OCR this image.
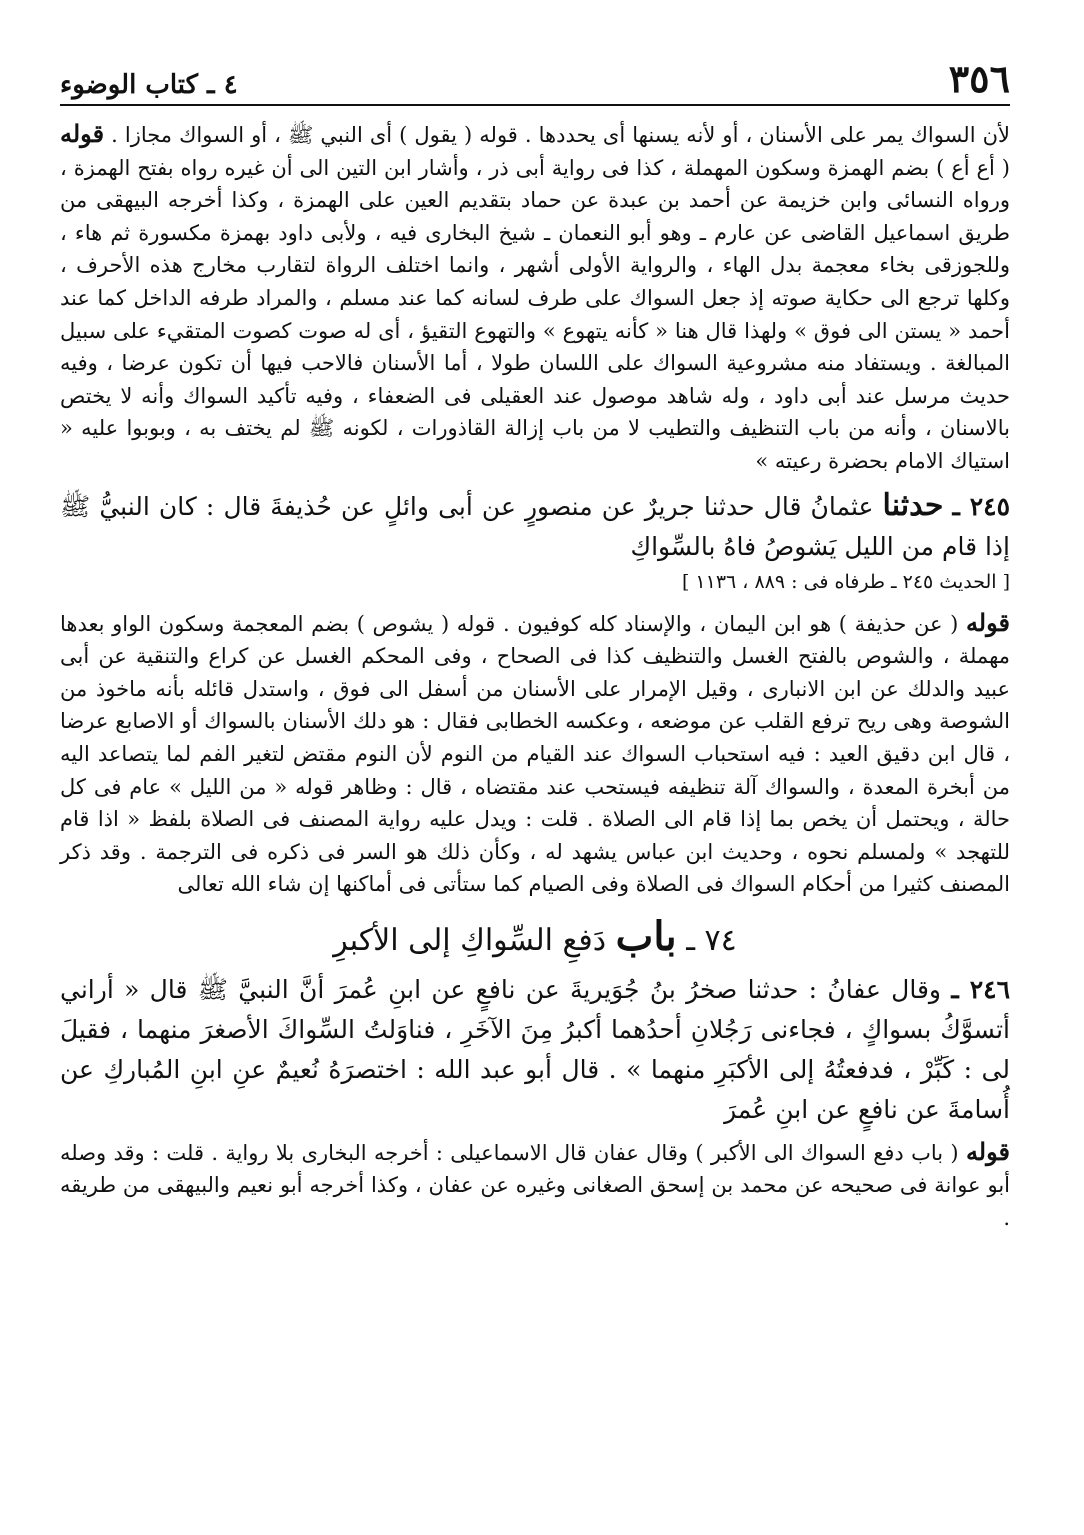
٣٥٦
٤ ـ كتاب الوضوء

لأن السواك يمر على الأسنان ، أو لأنه يسنها أى يحددها . قوله ( يقول ) أى النبي ﷺ ، أو السواك مجازا . قوله ( أع أع ) بضم الهمزة وسكون المهملة ، كذا فى رواية أبى ذر ، وأشار ابن التين الى أن غيره رواه بفتح الهمزة ، ورواه النسائى وابن خزيمة عن أحمد بن عبدة عن حماد بتقديم العين على الهمزة ، وكذا أخرجه البيهقى من طريق اسماعيل القاضى عن عارم ـ وهو أبو النعمان ـ شيخ البخارى فيه ، ولأبى داود بهمزة مكسورة ثم هاء ، وللجوزقى بخاء معجمة بدل الهاء ، والرواية الأولى أشهر ، وانما اختلف الرواة لتقارب مخارج هذه الأحرف ، وكلها ترجع الى حكاية صوته إذ جعل السواك على طرف لسانه كما عند مسلم ، والمراد طرفه الداخل كما عند أحمد « يستن الى فوق » ولهذا قال هنا « كأنه يتهوع » والتهوع التقيؤ ، أى له صوت كصوت المتقيء على سبيل المبالغة . ويستفاد منه مشروعية السواك على اللسان طولا ، أما الأسنان فالاحب فيها أن تكون عرضا ، وفيه حديث مرسل عند أبى داود ، وله شاهد موصول عند العقيلى فى الضعفاء ، وفيه تأكيد السواك وأنه لا يختص بالاسنان ، وأنه من باب التنظيف والتطيب لا من باب إزالة القاذورات ، لكونه ﷺ لم يختف به ، وبوبوا عليه « استياك الامام بحضرة رعيته »

٢٤٥ ـ حدثنا عثمانُ قال حدثنا جريرٌ عن منصورٍ عن أبى وائلٍ عن حُذيفةَ قال : كان النبيُّ ﷺ إذا قام من الليل يَشوصُ فاهُ بالسِّواكِ

[ الحديث ٢٤٥ ـ طرفاه فى : ٨٨٩ ، ١١٣٦ ]

قوله ( عن حذيفة ) هو ابن اليمان ، والإسناد كله كوفيون . قوله ( يشوص ) بضم المعجمة وسكون الواو بعدها مهملة ، والشوص بالفتح الغسل والتنظيف كذا فى الصحاح ، وفى المحكم الغسل عن كراع والتنقية عن أبى عبيد والدلك عن ابن الانبارى ، وقيل الإمرار على الأسنان من أسفل الى فوق ، واستدل قائله بأنه ماخوذ من الشوصة وهى ريح ترفع القلب عن موضعه ، وعكسه الخطابى فقال : هو دلك الأسنان بالسواك أو الاصابع عرضا ، قال ابن دقيق العيد : فيه استحباب السواك عند القيام من النوم لأن النوم مقتض لتغير الفم لما يتصاعد اليه من أبخرة المعدة ، والسواك آلة تنظيفه فيستحب عند مقتضاه ، قال : وظاهر قوله « من الليل » عام فى كل حالة ، ويحتمل أن يخص بما إذا قام الى الصلاة . قلت : ويدل عليه رواية المصنف فى الصلاة بلفظ « اذا قام للتهجد » ولمسلم نحوه ، وحديث ابن عباس يشهد له ، وكأن ذلك هو السر فى ذكره فى الترجمة . وقد ذكر المصنف كثيرا من أحكام السواك فى الصلاة وفى الصيام كما ستأتى فى أماكنها إن شاء الله تعالى

٧٤ ـ باب دَفعِ السِّواكِ إلى الأكبرِ

٢٤٦ ـ وقال عفانُ : حدثنا صخرُ بنُ جُوَيريةَ عن نافعٍ عن ابنِ عُمرَ أنَّ النبيَّ ﷺ قال « أراني أتسوَّكُ بسواكٍ ، فجاءنى رَجُلانِ أحدُهما أكبرُ مِنَ الآخَرِ ، فناوَلتُ السِّواكَ الأصغرَ منهما ، فقيلَ لى : كَبِّرْ ، فدفعتُهُ إلى الأكبَرِ منهما » . قال أبو عبد الله : اختصرَهُ نُعيمٌ عنِ ابنِ المُباركِ عن أُسامةَ عن نافعٍ عن ابنِ عُمرَ

قوله ( باب دفع السواك الى الأكبر ) وقال عفان قال الاسماعيلى : أخرجه البخارى بلا رواية . قلت : وقد وصله أبو عوانة فى صحيحه عن محمد بن إسحق الصغانى وغيره عن عفان ، وكذا أخرجه أبو نعيم والبيهقى من طريقه .
